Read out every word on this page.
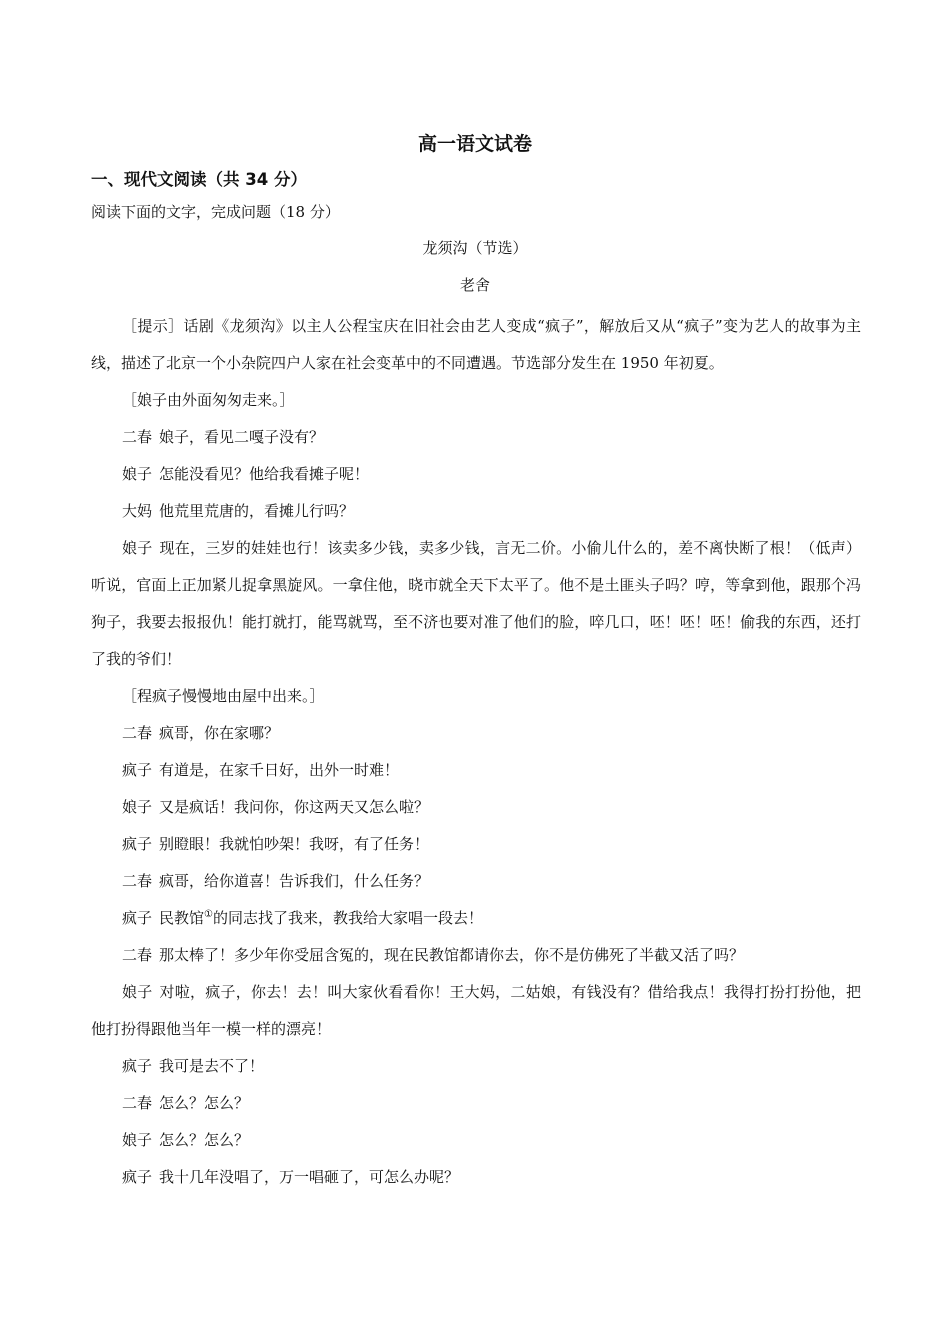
高一语文试卷
一、现代文阅读（共 34 分）
阅读下面的文字，完成问题（18 分）
龙须沟（节选）
老舍

［提示］话剧《龙须沟》以主人公程宝庆在旧社会由艺人变成“疯子”，解放后又从“疯子”变为艺人的故事为主线，描述了北京一个小杂院四户人家在社会变革中的不同遭遇。节选部分发生在 1950 年初夏。

［娘子由外面匆匆走来。］

二春 娘子，看见二嘎子没有？

娘子 怎能没看见？他给我看摊子呢！

大妈 他荒里荒唐的，看摊儿行吗？

娘子 现在，三岁的娃娃也行！该卖多少钱，卖多少钱，言无二价。小偷儿什么的，差不离快断了根！（低声）听说，官面上正加紧儿捉拿黑旋风。一拿住他，晓市就全天下太平了。他不是土匪头子吗？哼，等拿到他，跟那个冯狗子，我要去报报仇！能打就打，能骂就骂，至不济也要对准了他们的脸，啐几口，呸！呸！呸！偷我的东西，还打了我的爷们！

［程疯子慢慢地由屋中出来。］

二春 疯哥，你在家哪？

疯子 有道是，在家千日好，出外一时难！

娘子 又是疯话！我问你，你这两天又怎么啦？

疯子 别瞪眼！我就怕吵架！我呀，有了任务！

二春 疯哥，给你道喜！告诉我们，什么任务？

疯子 民教馆①的同志找了我来，教我给大家唱一段去！

二春 那太棒了！多少年你受屈含冤的，现在民教馆都请你去，你不是仿佛死了半截又活了吗？

娘子 对啦，疯子，你去！去！叫大家伙看看你！王大妈，二姑娘，有钱没有？借给我点！我得打扮打扮他，把他打扮得跟他当年一模一样的漂亮！

疯子 我可是去不了！

二春 怎么？怎么？

娘子 怎么？怎么？

疯子 我十几年没唱了，万一唱砸了，可怎么办呢？
